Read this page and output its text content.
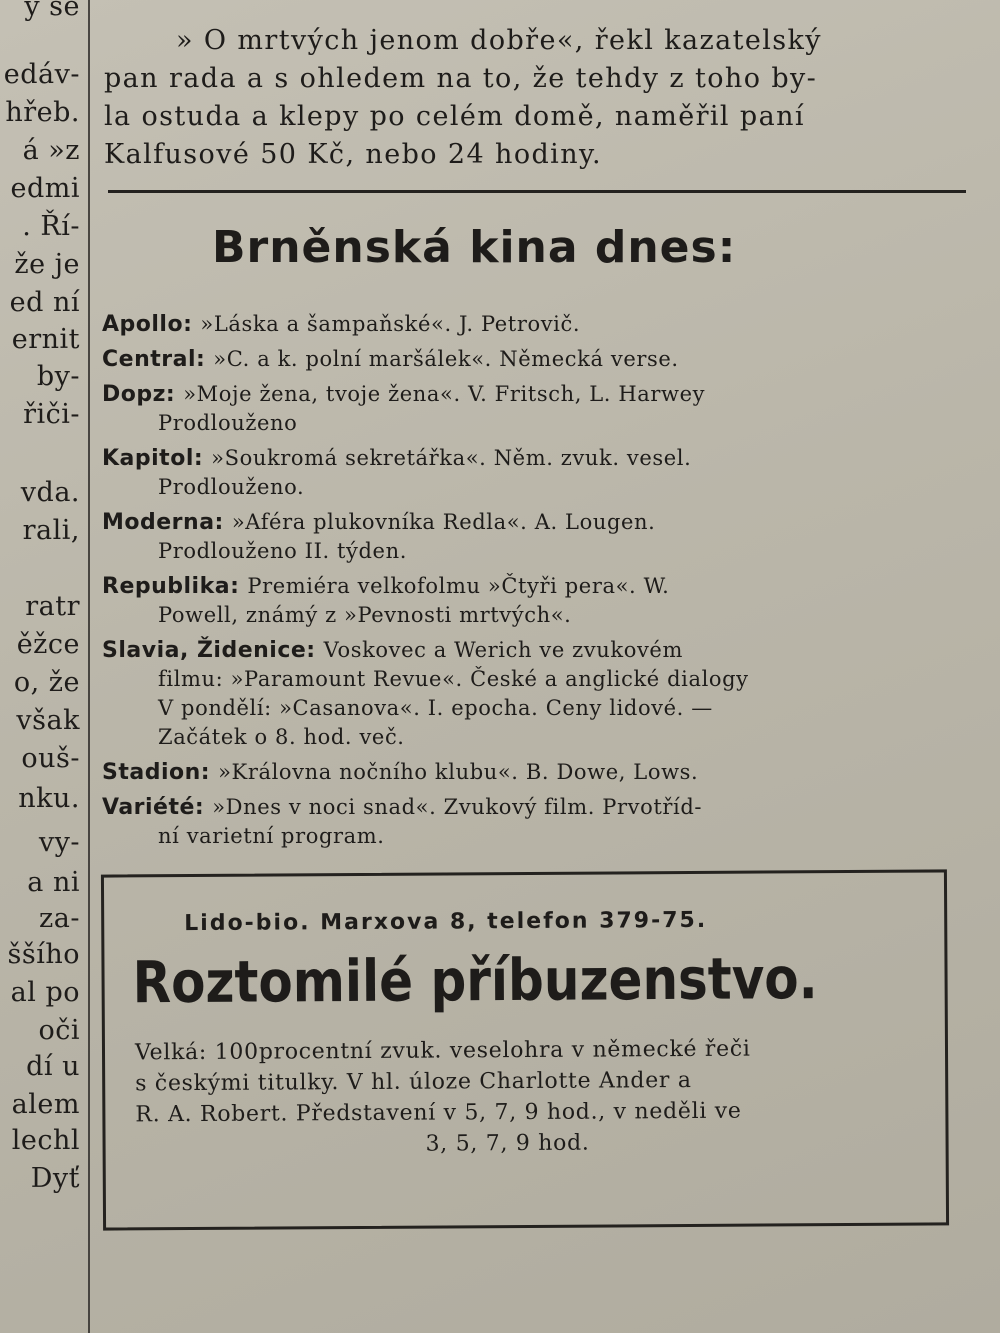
y se
edáv-
hřeb.
á »z
edmi
. Ří-
že je
ed ní
ernit
by-
řiči-
vda.
rali,
ratr
ěžce
o, že
však
ouš-
nku.
vy-
a ni
za-
ššího
al po
oči
dí u
alem
lechl
Dyť

» O mrtvých jenom dobře«, řekl kazatelský

pan rada a s ohledem na to, že tehdy z toho by-

la ostuda a klepy po celém domě, naměřil paní

Kalfusové 50 Kč, nebo 24 hodiny.

Brněnská kina dnes:
Apollo: »Láska a šampaňské«. J. Petrovič.
Central: »C. a k. polní maršálek«. Německá verse.
Dopz: »Moje žena, tvoje žena«. V. Fritsch, L. Harwey
Prodlouženo
Kapitol: »Soukromá sekretářka«. Něm. zvuk. vesel.
Prodlouženo.
Moderna: »Aféra plukovníka Redla«. A. Lougen.
Prodlouženo II. týden.
Republika: Premiéra velkofolmu »Čtyři pera«. W.
Powell, známý z »Pevnosti mrtvých«.
Slavia, Židenice: Voskovec a Werich ve zvukovém
filmu: »Paramount Revue«. České a anglické dialogy
V pondělí: »Casanova«. I. epocha. Ceny lidové. —
Začátek o 8. hod. več.
Stadion: »Královna nočního klubu«. B. Dowe, Lows.
Variété: »Dnes v noci snad«. Zvukový film. Prvotříd-
ní varietní program.

Lido-bio. Marxova 8, telefon 379-75.

Roztomilé příbuzenstvo.

Velká: 100procentní zvuk. veselohra v německé řeči

s českými titulky. V hl. úloze Charlotte Ander a

R. A. Robert. Představení v 5, 7, 9 hod., v neděli ve

3, 5, 7, 9 hod.
